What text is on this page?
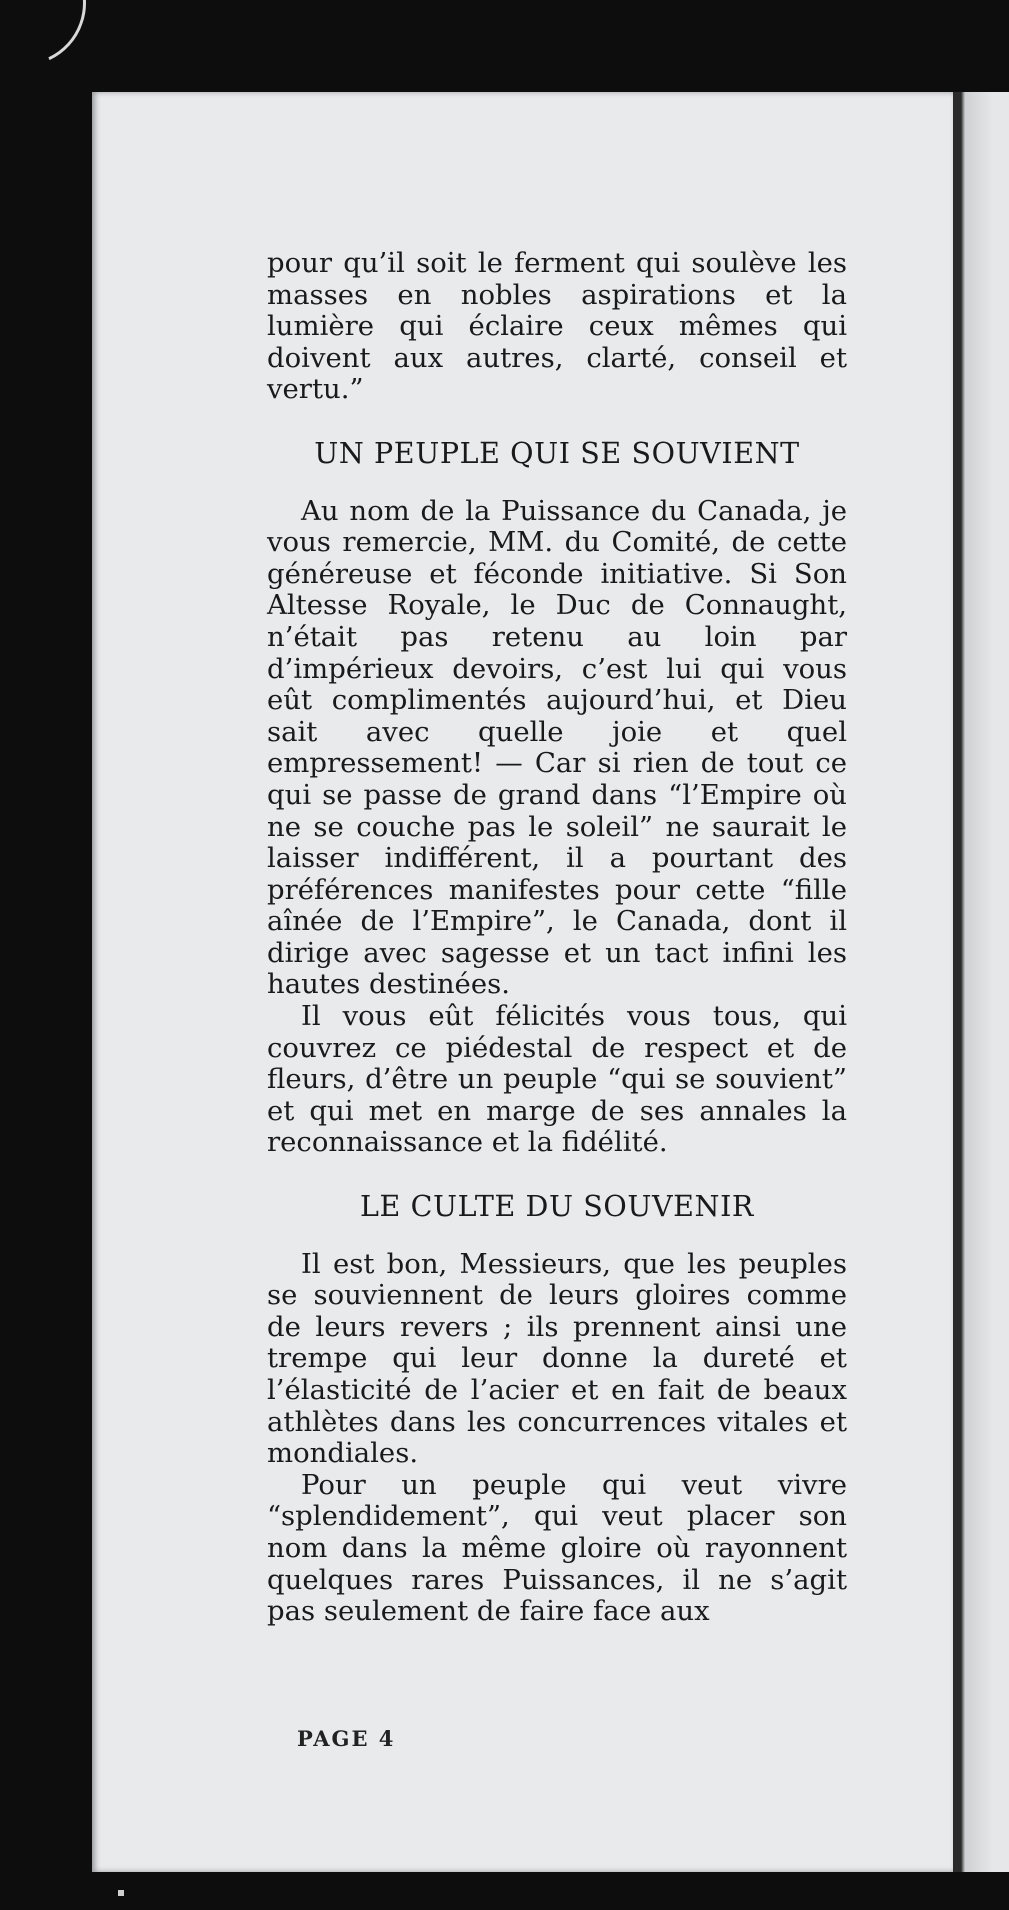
pour qu’il soit le ferment qui soulève les masses en nobles aspirations et la lumière qui éclaire ceux mêmes qui doivent aux autres, clarté, conseil et vertu.”

UN PEUPLE QUI SE SOUVIENT

Au nom de la Puissance du Canada, je vous remercie, MM. du Comité, de cette généreuse et féconde initiative. Si Son Altesse Royale, le Duc de Connaught, n’était pas retenu au loin par d’impérieux devoirs, c’est lui qui vous eût complimentés aujourd’hui, et Dieu sait avec quelle joie et quel empressement! — Car si rien de tout ce qui se passe de grand dans “l’Empire où ne se couche pas le soleil” ne saurait le laisser indifférent, il a pourtant des préférences manifestes pour cette “fille aînée de l’Empire”, le Canada, dont il dirige avec sagesse et un tact infini les hautes destinées.

Il vous eût félicités vous tous, qui couvrez ce piédestal de respect et de fleurs, d’être un peuple “qui se souvient” et qui met en marge de ses annales la reconnaissance et la fidélité.

LE CULTE DU SOUVENIR

Il est bon, Messieurs, que les peuples se souviennent de leurs gloires comme de leurs revers ; ils prennent ainsi une trempe qui leur donne la dureté et l’élasticité de l’acier et en fait de beaux athlètes dans les concurrences vitales et mondiales.

Pour un peuple qui veut vivre “splendidement”, qui veut placer son nom dans la même gloire où rayonnent quelques rares Puissances, il ne s’agit pas seulement de faire face aux

PAGE 4
